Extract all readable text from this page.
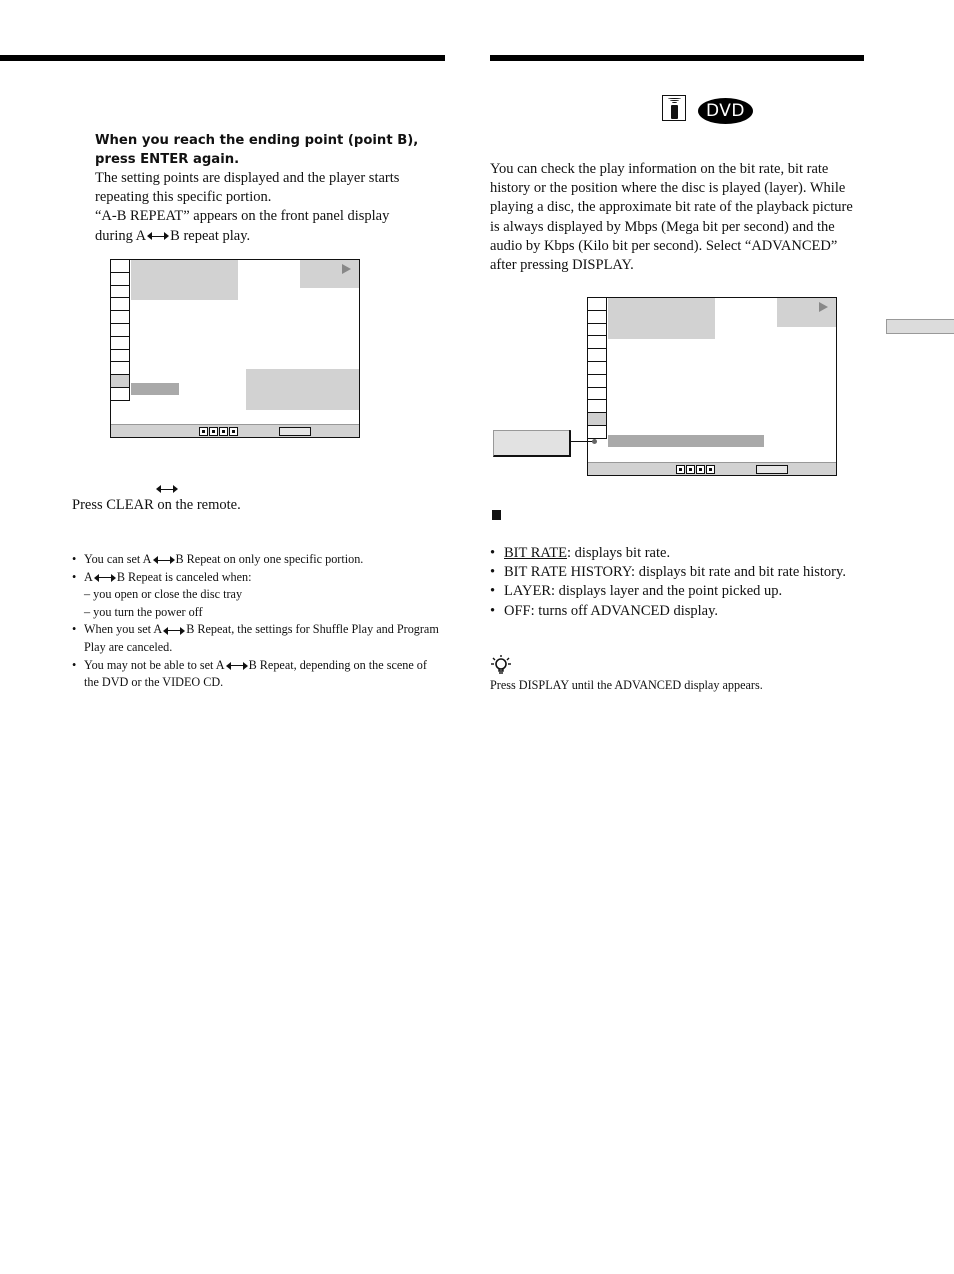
When you reach the ending point (point B), press ENTER again.
The setting points are displayed and the player starts repeating this specific portion.
“A-B REPEAT” appears on the front panel display
during A B repeat play.
Press CLEAR on the remote.
• You can set A B Repeat on only one specific portion.
• A B Repeat is canceled when:
– you open or close the disc tray
– you turn the power off
• When you set A B Repeat, the settings for Shuffle Play and Program Play are canceled.
• You may not be able to set A B Repeat, depending on the scene of the DVD or the VIDEO CD.
DVD
You can check the play information on the bit rate, bit rate history or the position where the disc is played (layer). While playing a disc, the approximate bit rate of the playback picture is always displayed by Mbps (Mega bit per second) and the audio by Kbps (Kilo bit per second). Select “ADVANCED” after pressing DISPLAY.
• BIT RATE: displays bit rate.
• BIT RATE HISTORY: displays bit rate and bit rate history.
• LAYER: displays layer and the point picked up.
• OFF: turns off ADVANCED display.
Press DISPLAY until the ADVANCED display appears.
